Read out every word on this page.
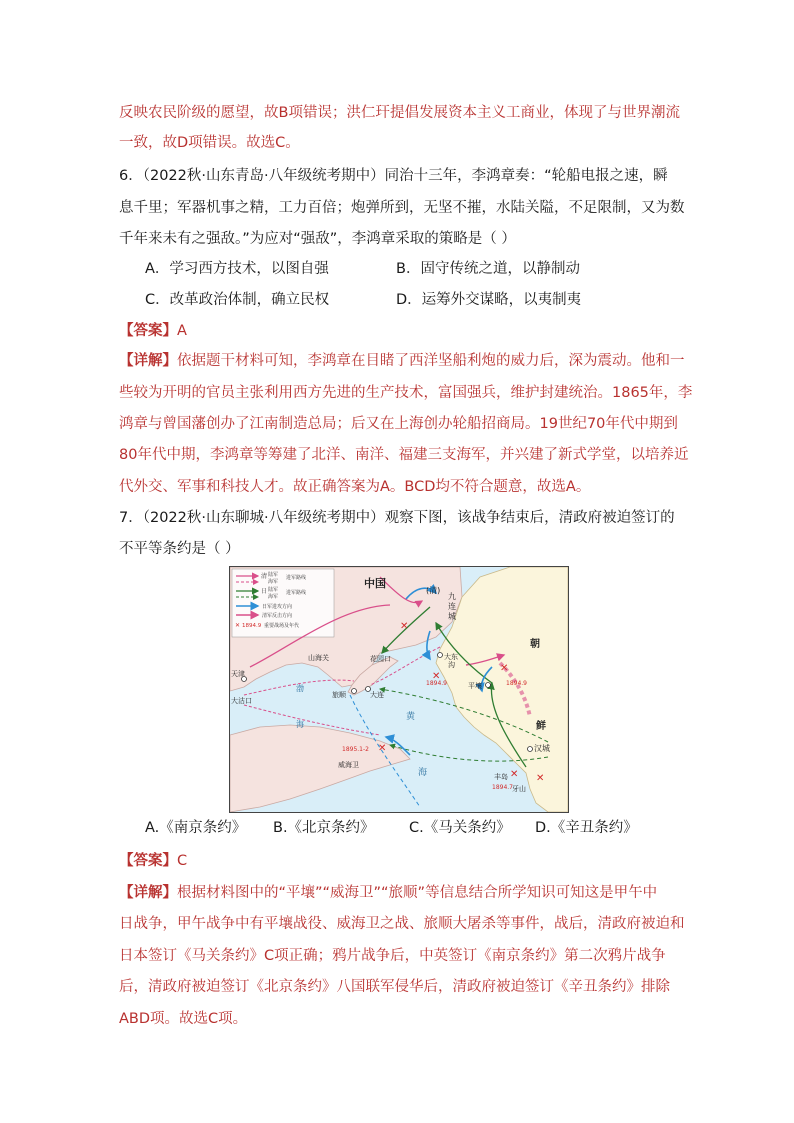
反映农民阶级的愿望，故B项错误；洪仁玕提倡发展资本主义工商业，体现了与世界潮流
一致，故D项错误。故选C。
6．（2022秋·山东青岛·八年级统考期中）同治十三年，李鸿章奏：“轮船电报之速，瞬
息千里；军器机事之精，工力百倍；炮弹所到，无坚不摧，水陆关隘，不足限制，又为数
千年来未有之强敌。”为应对“强敌”，李鸿章采取的策略是（ ）
A．学习西方技术，以图自强	B．固守传统之道，以静制动
C．改革政治体制，确立民权	D．运筹外交谋略，以夷制夷
【答案】A
【详解】依据题干材料可知，李鸿章在目睹了西洋坚船利炮的威力后，深为震动。他和一
些较为开明的官员主张利用西方先进的生产技术，富国强兵，维护封建统治。1865年，李
鸿章与曾国藩创办了江南制造总局；后又在上海创办轮船招商局。19世纪70年代中期到
80年代中期，李鸿章等筹建了北洋、南洋、福建三支海军，并兴建了新式学堂，以培养近
代外交、军事和科技人才。故正确答案为A。BCD均不符合题意，故选A。
7．（2022秋·山东聊城·八年级统考期中）观察下图，该战争结束后，清政府被迫签订的
不平等条约是（ ）
清 陆军
海军
进军路线
日 陆军
海军
进军路线
日军进攻方向
清军反击方向
✕ 1894.9 重要战场及年代	✕
✕
✕
✕
✕ ✕
中国
(清)
九
连
城
山海关	花园口
天津
大沽口
渤
海
旅顺	大连
黄
海
大东
沟
1894.9
朝
鲜
平壤	1894.9
汉城
威海卫
1895.1-2
丰岛
牙山
1894.7
A.《南京条约》 B.《北京条约》 C.《马关条约》 D.《辛丑条约》
【答案】C
【详解】根据材料图中的“平壤”“威海卫”“旅顺”等信息结合所学知识可知这是甲午中
日战争，甲午战争中有平壤战役、威海卫之战、旅顺大屠杀等事件，战后，清政府被迫和
日本签订《马关条约》C项正确；鸦片战争后，中英签订《南京条约》第二次鸦片战争
后，清政府被迫签订《北京条约》八国联军侵华后，清政府被迫签订《辛丑条约》排除
ABD项。故选C项。
